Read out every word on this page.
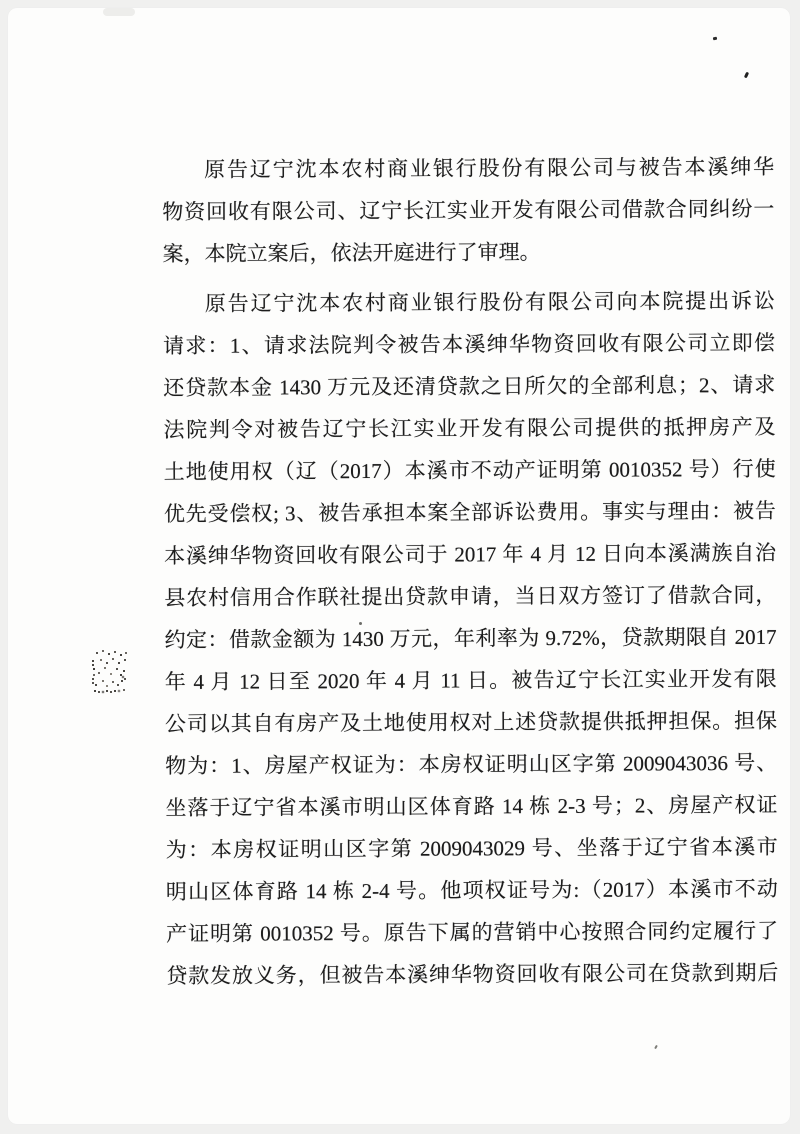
原告辽宁沈本农村商业银行股份有限公司与被告本溪绅华
物资回收有限公司、辽宁长江实业开发有限公司借款合同纠纷一
案，本院立案后，依法开庭进行了审理。
原告辽宁沈本农村商业银行股份有限公司向本院提出诉讼
请求：1、请求法院判令被告本溪绅华物资回收有限公司立即偿
还贷款本金 1430 万元及还清贷款之日所欠的全部利息；2、请求
法院判令对被告辽宁长江实业开发有限公司提供的抵押房产及
土地使用权（辽（2017）本溪市不动产证明第 0010352 号）行使
优先受偿权; 3、被告承担本案全部诉讼费用。事实与理由：被告
本溪绅华物资回收有限公司于 2017 年 4 月 12 日向本溪满族自治
县农村信用合作联社提出贷款申请，当日双方签订了借款合同，
约定：借款金额为 1430 万元，年利率为 9.72%，贷款期限自 2017
年 4 月 12 日至 2020 年 4 月 11 日。被告辽宁长江实业开发有限
公司以其自有房产及土地使用权对上述贷款提供抵押担保。担保
物为：1、房屋产权证为：本房权证明山区字第 2009043036 号、
坐落于辽宁省本溪市明山区体育路 14 栋 2-3 号；2、房屋产权证
为：本房权证明山区字第 2009043029 号、坐落于辽宁省本溪市
明山区体育路 14 栋 2-4 号。他项权证号为:（2017）本溪市不动
产证明第 0010352 号。原告下属的营销中心按照合同约定履行了
贷款发放义务，但被告本溪绅华物资回收有限公司在贷款到期后
